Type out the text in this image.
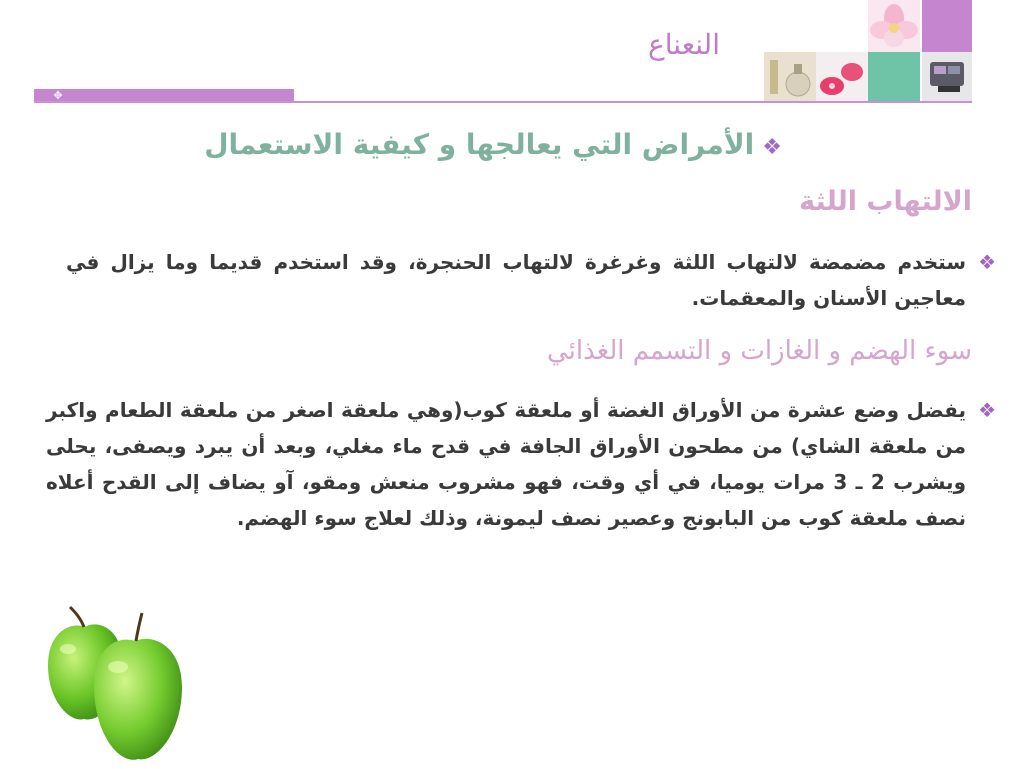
النعناع
✥
❖الأمراض التي يعالجها و كيفية الاستعمال
الالتهاب اللثة
❖
ستخدم مضمضة لالتهاب اللثة وغرغرة لالتهاب الحنجرة، وقد استخدم قديما وما يزال في معاجين الأسنان والمعقمات.
سوء الهضم و الغازات و التسمم الغذائي
❖
يفضل وضع عشرة من الأوراق الغضة أو ملعقة كوب(وهي ملعقة اصغر من ملعقة الطعام واكبر من ملعقة الشاي) من مطحون الأوراق الجافة في قدح ماء مغلي، وبعد أن يبرد ويصفى، يحلى ويشرب 2 ـ 3 مرات يوميا، في أي وقت، فهو مشروب منعش ومقو، آو يضاف إلى القدح أعلاه نصف ملعقة كوب من البابونج وعصير نصف ليمونة، وذلك لعلاج سوء الهضم.
